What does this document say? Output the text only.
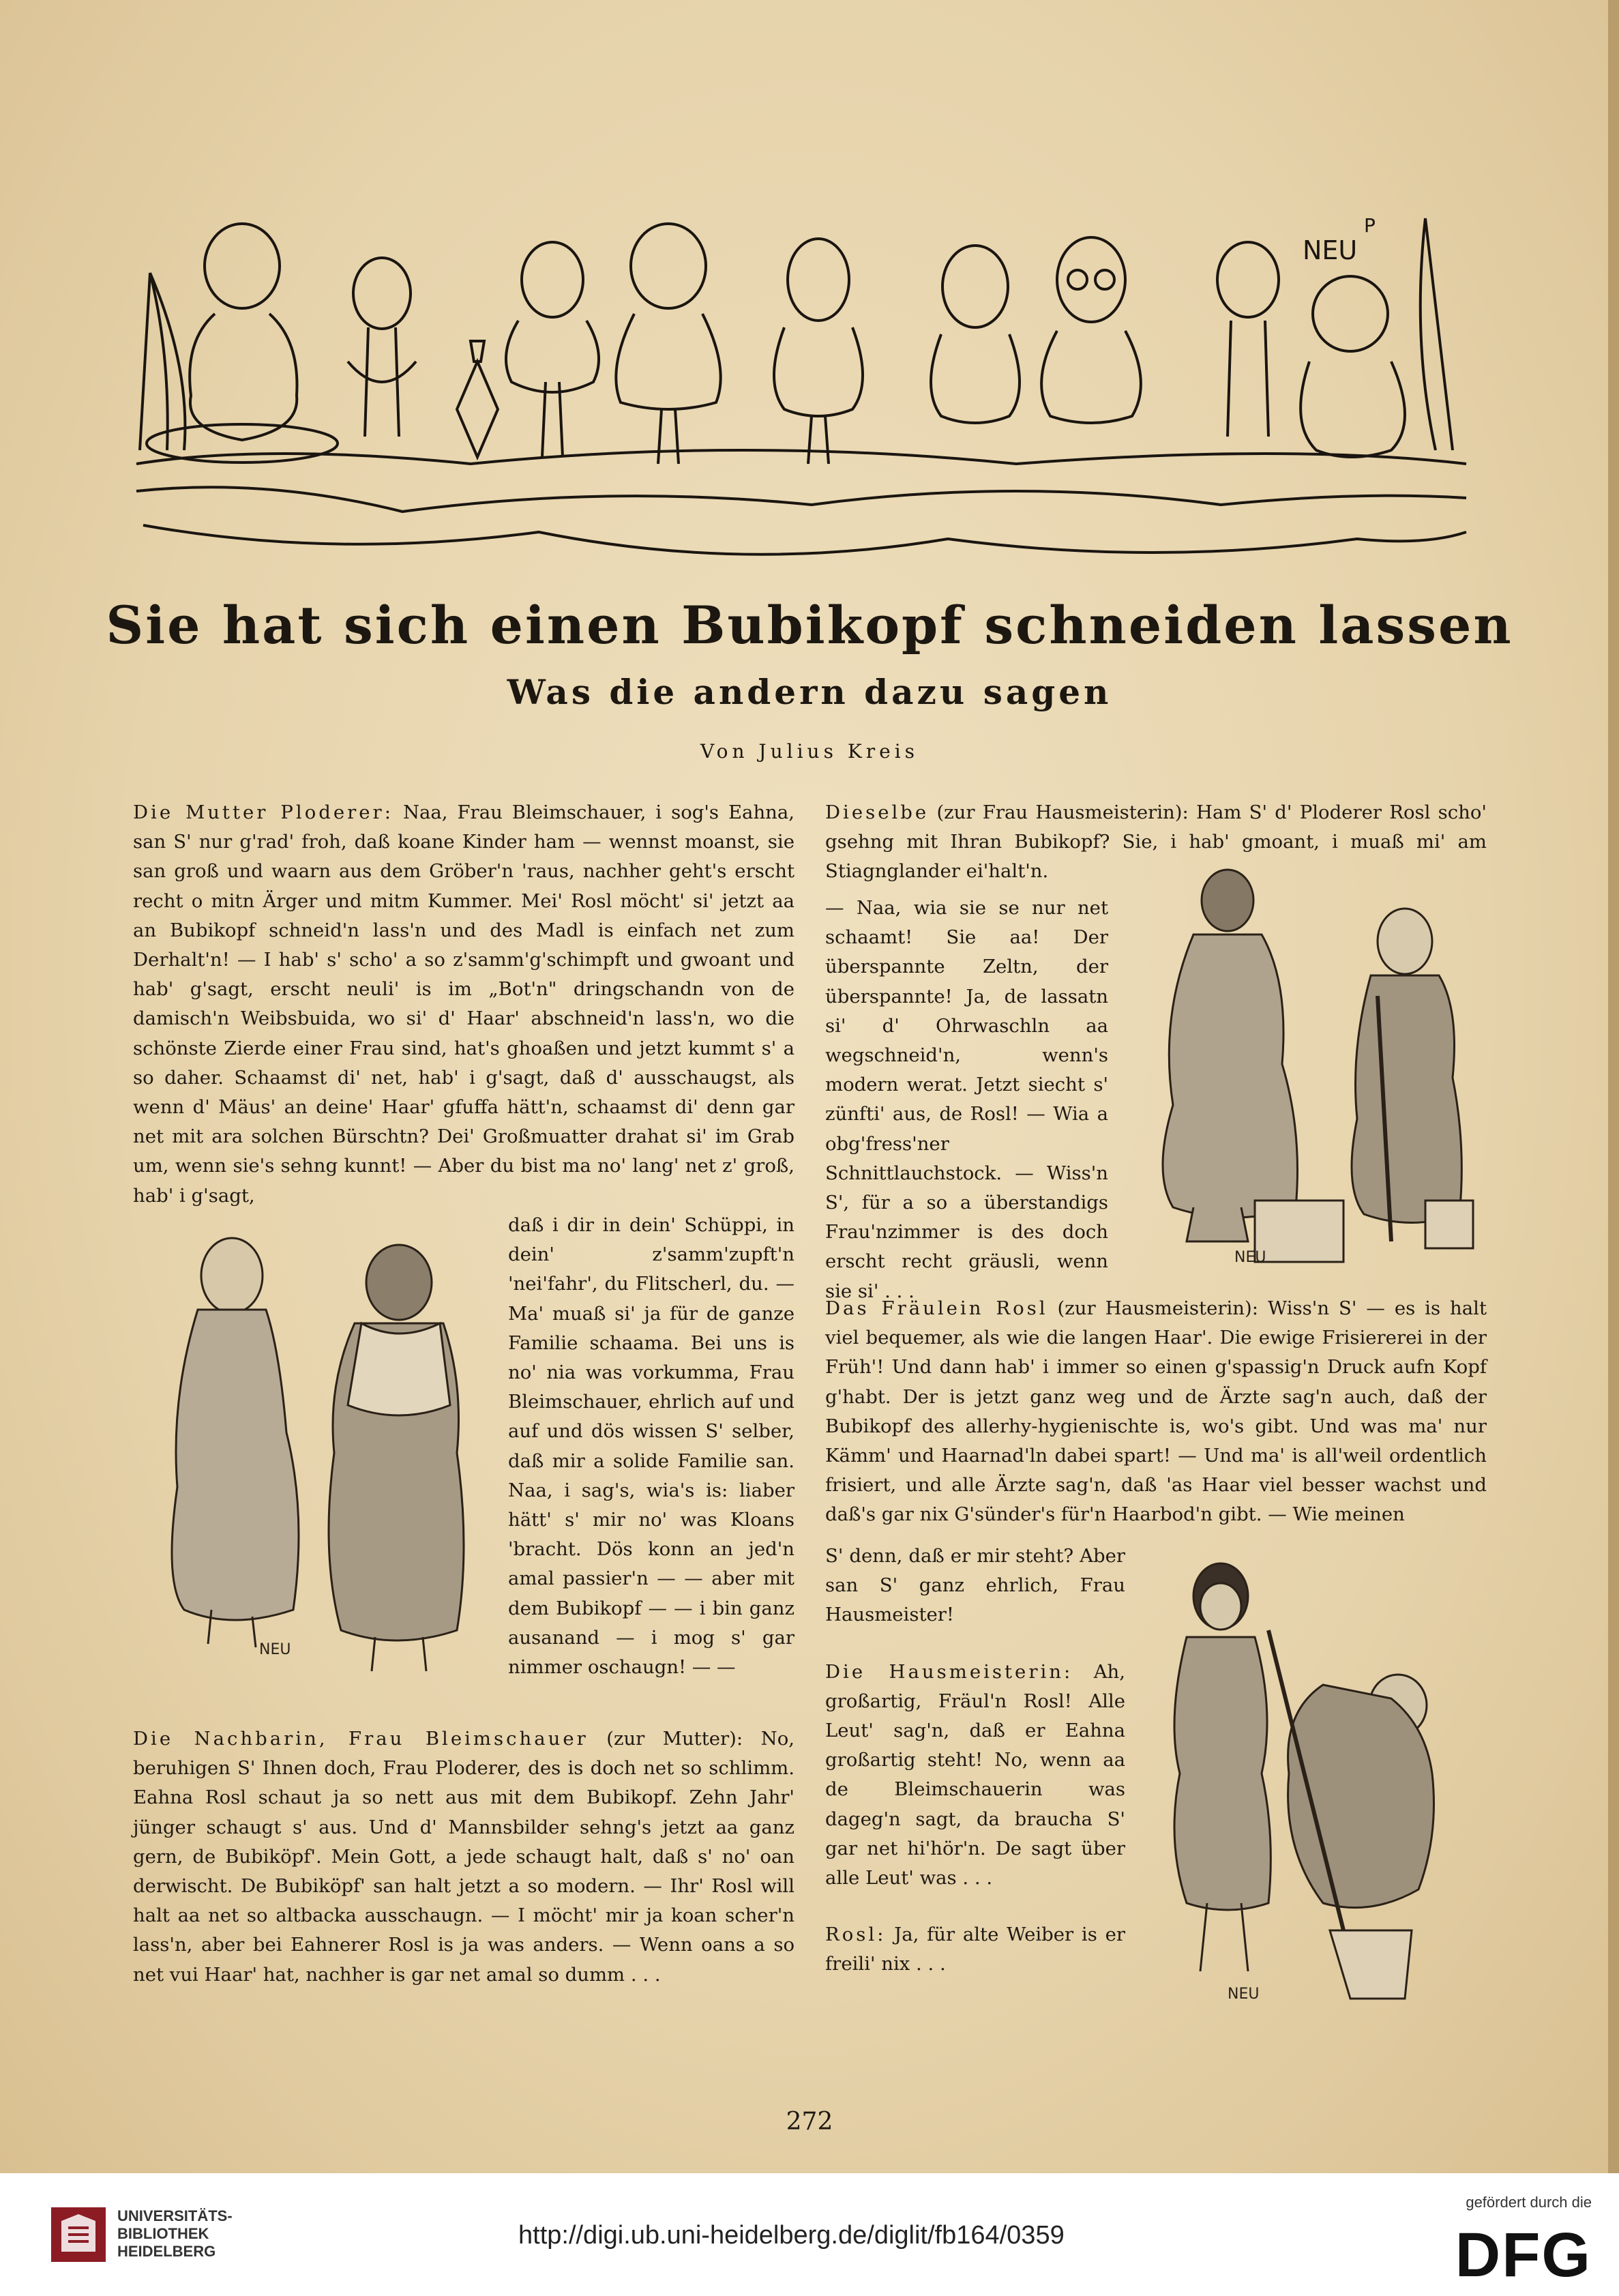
NEU
P
Sie hat sich einen Bubikopf schneiden lassen
Was die andern dazu sagen
Von Julius Kreis

Die Mutter Ploderer: Naa, Frau Bleimschauer, i sog's Eahna, san S' nur g'rad' froh, daß koane Kinder ham — wennst moanst, sie san groß und waarn aus dem Gröber'n 'raus, nachher geht's erscht recht o mitn Ärger und mitm Kummer. Mei' Rosl möcht' si' jetzt aa an Bubikopf schneid'n lass'n und des Madl is einfach net zum Derhalt'n! — I hab' s' scho' a so z'samm'g'schimpft und gwoant und hab' g'sagt, erscht neuli' is im „Bot'n" dringschandn von de damisch'n Weibsbuida, wo si' d' Haar' abschneid'n lass'n, wo die schönste Zierde einer Frau sind, hat's ghoaßen und jetzt kummt s' a so daher. Schaamst di' net, hab' i g'sagt, daß d' ausschaugst, als wenn d' Mäus' an deine' Haar' gfuffa hätt'n, schaamst di' denn gar net mit ara solchen Bürschtn? Dei' Großmuatter drahat si' im Grab um, wenn sie's sehng kunnt! — Aber du bist ma no' lang' net z' groß, hab' i g'sagt,

NEU

daß i dir in dein' Schüppi, in dein' z'samm'zupft'n 'nei'fahr', du Flitscherl, du. — Ma' muaß si' ja für de ganze Familie schaama. Bei uns is no' nia was vorkumma, Frau Bleimschauer, ehrlich auf und auf und dös wissen S' selber, daß mir a solide Familie san. Naa, i sag's, wia's is: liaber hätt' s' mir no' was Kloans 'bracht. Dös konn an jed'n amal passier'n — — aber mit dem Bubikopf — — i bin ganz ausanand — i mog s' gar nimmer oschaugn! — —

Die Nachbarin, Frau Bleimschauer (zur Mutter): No, beruhigen S' Ihnen doch, Frau Ploderer, des is doch net so schlimm. Eahna Rosl schaut ja so nett aus mit dem Bubikopf. Zehn Jahr' jünger schaugt s' aus. Und d' Mannsbilder sehng's jetzt aa ganz gern, de Bubiköpf'. Mein Gott, a jede schaugt halt, daß s' no' oan derwischt. De Bubiköpf' san halt jetzt a so modern. — Ihr' Rosl will halt aa net so altbacka ausschaugn. — I möcht' mir ja koan scher'n lass'n, aber bei Eahnerer Rosl is ja was anders. — Wenn oans a so net vui Haar' hat, nachher is gar net amal so dumm . . .

Dieselbe (zur Frau Hausmeisterin): Ham S' d' Ploderer Rosl scho' gsehng mit Ihran Bubikopf? Sie, i hab' gmoant, i muaß mi' am Stiagnglander ei'halt'n.

— Naa, wia sie se nur net schaamt! Sie aa! Der überspannte Zeltn, der überspannte! Ja, de lassatn si' d' Ohrwaschln aa wegschneid'n, wenn's modern werat. Jetzt siecht s' zünfti' aus, de Rosl! — Wia a obg'fress'ner Schnittlauchstock. — Wiss'n S', für a so a überstandigs Frau'nzimmer is des doch erscht recht gräusli, wenn sie si' . . .

NEU

Das Fräulein Rosl (zur Hausmeisterin): Wiss'n S' — es is halt viel bequemer, als wie die langen Haar'. Die ewige Frisiererei in der Früh'! Und dann hab' i immer so einen g'spassig'n Druck aufn Kopf g'habt. Der is jetzt ganz weg und de Ärzte sag'n auch, daß der Bubikopf des allerhy-hygienischte is, wo's gibt. Und was ma' nur Kämm' und Haarnad'ln dabei spart! — Und ma' is all'weil ordentlich frisiert, und alle Ärzte sag'n, daß 'as Haar viel besser wachst und daß's gar nix G'sünder's für'n Haarbod'n gibt. — Wie meinen

S' denn, daß er mir steht? Aber san S' ganz ehrlich, Frau Hausmeister!

Die Hausmeisterin: Ah, großartig, Fräul'n Rosl! Alle Leut' sag'n, daß er Eahna großartig steht! No, wenn aa de Bleimschauerin was dageg'n sagt, da braucha S' gar net hi'hör'n. De sagt über alle Leut' was . . .

Rosl: Ja, für alte Weiber is er freili' nix . . .

NEU
272
UNIVERSITÄTS-
BIBLIOTHEK
HEIDELBERG
http://digi.ub.uni-heidelberg.de/diglit/fb164/0359
gefördert durch die
DFG
